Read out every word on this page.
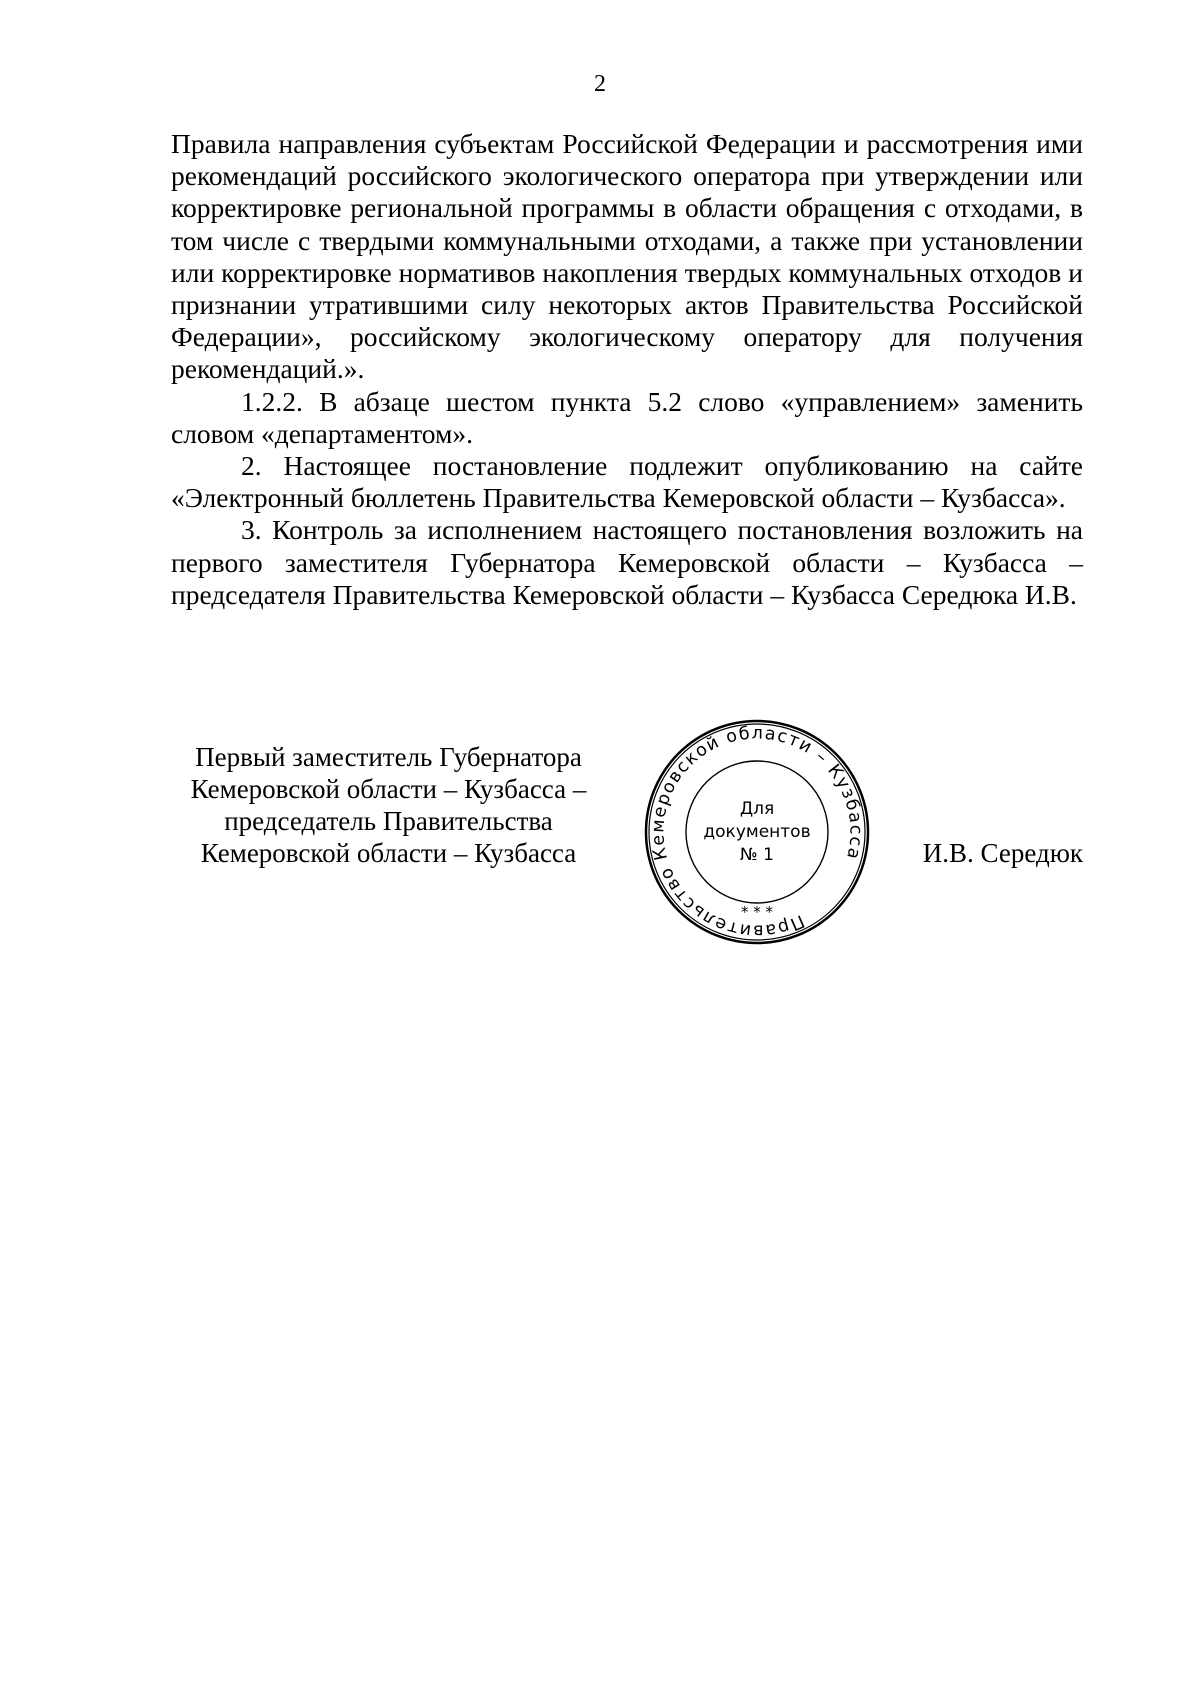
2

Правила направления субъектам Российской Федерации и рассмотрения ими рекомендаций российского экологического оператора при утверждении или корректировке региональной программы в области обращения с отходами, в том числе с твердыми коммунальными отходами, а также при установлении или корректировке нормативов накопления твердых коммунальных отходов и признании утратившими силу некоторых актов Правительства Российской Федерации», российскому экологическому оператору для получения рекомендаций.».

1.2.2. В абзаце шестом пункта 5.2 слово «управлением» заменить словом «департаментом».

2. Настоящее постановление подлежит опубликованию на сайте «Электронный бюллетень Правительства Кемеровской области – Кузбасса».

3. Контроль за исполнением настоящего постановления возложить на первого заместителя Губернатора Кемеровской области – Кузбасса – председателя Правительства Кемеровской области – Кузбасса Середюка И.В.

Первый заместитель Губернатора
Кемеровской области – Кузбасса –
председатель Правительства
Кемеровской области – Кузбасса
Правительство Кемеровской области – Кузбасса
Для
документов
№ 1
* * *
И.В. Середюк
